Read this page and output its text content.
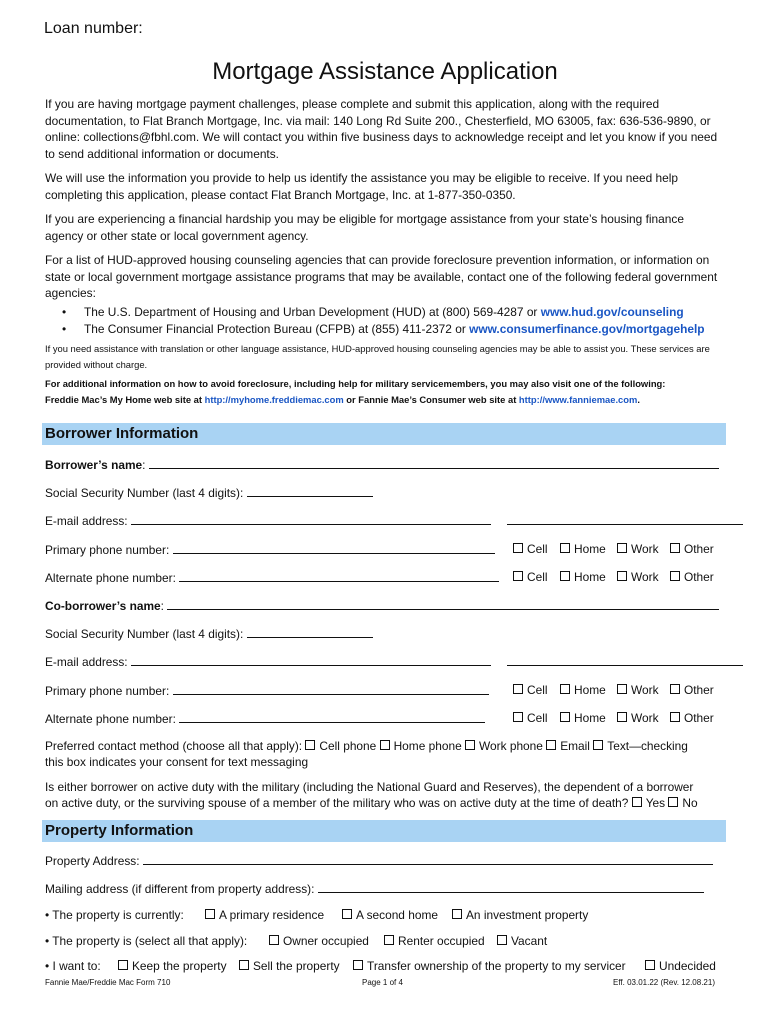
Loan number:
Mortgage Assistance Application
If you are having mortgage payment challenges, please complete and submit this application, along with the required documentation, to Flat Branch Mortgage, Inc. via mail: 140 Long Rd Suite 200., Chesterfield, MO 63005, fax: 636-536-9890, or online: collections@fbhl.com. We will contact you within five business days to acknowledge receipt and let you know if you need to send additional information or documents.
We will use the information you provide to help us identify the assistance you may be eligible to receive. If you need help completing this application, please contact Flat Branch Mortgage, Inc. at 1-877-350-0350.
If you are experiencing a financial hardship you may be eligible for mortgage assistance from your state’s housing finance agency or other state or local government agency.
For a list of HUD-approved housing counseling agencies that can provide foreclosure prevention information, or information on state or local government mortgage assistance programs that may be available, contact one of the following federal government agencies:
• The U.S. Department of Housing and Urban Development (HUD) at (800) 569-4287 or www.hud.gov/counseling
• The Consumer Financial Protection Bureau (CFPB) at (855) 411-2372 or www.consumerfinance.gov/mortgagehelp
If you need assistance with translation or other language assistance, HUD-approved housing counseling agencies may be able to assist you. These services are provided without charge.
For additional information on how to avoid foreclosure, including help for military servicemembers, you may also visit one of the following:
Freddie Mac’s My Home web site at http://myhome.freddiemac.com or Fannie Mae’s Consumer web site at http://www.fanniemae.com.
Borrower Information
Borrower’s name:
Social Security Number (last 4 digits):
E-mail address:
Primary phone number:	Cell	Home	Work	Other
Alternate phone number:	Cell	Home	Work	Other
Co-borrower’s name:
Social Security Number (last 4 digits):
E-mail address:
Primary phone number:	Cell	Home	Work	Other
Alternate phone number:	Cell	Home	Work	Other
Preferred contact method (choose all that apply): Cell phone Home phone Work phone Email Text—checking
this box indicates your consent for text messaging
Is either borrower on active duty with the military (including the National Guard and Reserves), the dependent of a borrower
on active duty, or the surviving spouse of a member of the military who was on active duty at the time of death? Yes No
Property Information
Property Address:
Mailing address (if different from property address):
• The property is currently:	A primary residence	A second home	An investment property
• The property is (select all that apply):	Owner occupied	Renter occupied	Vacant
• I want to:	Keep the property	Sell the property	Transfer ownership of the property to my servicer	Undecided
Fannie Mae/Freddie Mac Form 710	Page 1 of 4	Eff. 03.01.22 (Rev. 12.08.21)
